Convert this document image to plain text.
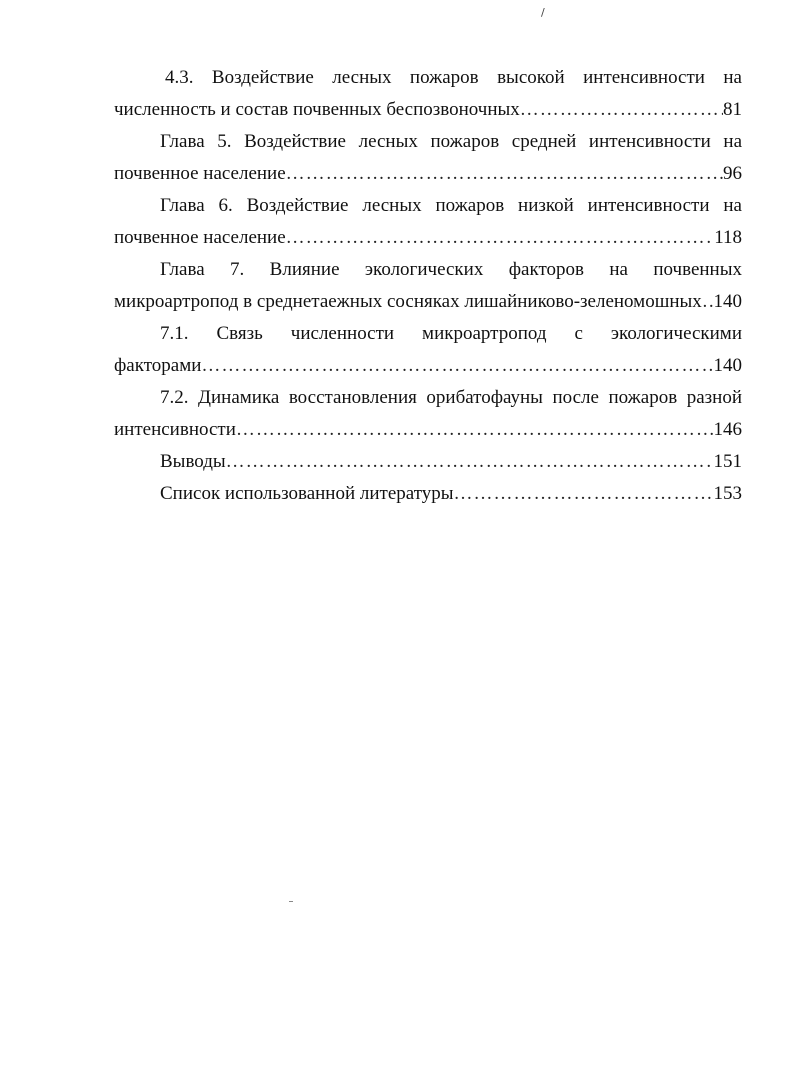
/
4.3. Воздействие лесных пожаров высокой интенсивности на
численность и состав почвенных беспозвоночных …………………………………………………………………………………………………………………………………………………………………………………………	81
Глава 5. Воздействие лесных пожаров средней интенсивности на
почвенное население …………………………………………………………………………………………………………………………………………………………………………………………	96
Глава 6. Воздействие лесных пожаров низкой интенсивности на
почвенное население …………………………………………………………………………………………………………………………………………………………………………………………	118
Глава 7. Влияние экологических факторов на почвенных
микроартропод в среднетаежных сосняках лишайниково-зеленомошных ………………………………………………………………………………………………………………………………………………………………………………………… 140
7.1. Связь численности микроартропод с экологическими
факторами …………………………………………………………………………………………………………………………………………………………………………………………	140
7.2. Динамика восстановления орибатофауны после пожаров разной
интенсивности …………………………………………………………………………………………………………………………………………………………………………………………	146
Выводы …………………………………………………………………………………………………………………………………………………………………………………………	151
Список использованной литературы …………………………………………………………………………………………………………………………………………………………………………………………	153
